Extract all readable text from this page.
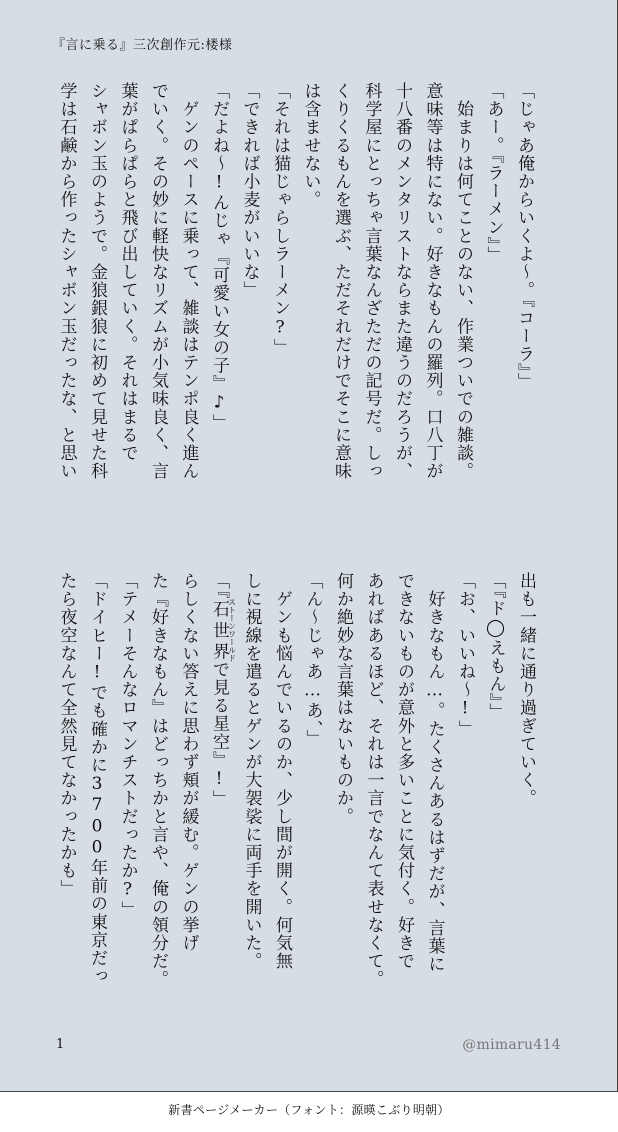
『言に乗る』三次創作元:楼様
「じゃあ俺からいくよ〜。『コーラ』」
「あー。『ラーメン』」
　始まりは何てことのない、作業ついでの雑談。
意味等は特にない。好きなもんの羅列。口八丁が
十八番のメンタリストならまた違うのだろうが、
科学屋にとっちゃ言葉なんざただの記号だ。しっ
くりくるもんを選ぶ、ただそれだけでそこに意味
は含ませない。
「それは猫じゃらしラーメン?」
「できれば小麦がいいな」
「だよね〜!んじゃ『可愛い女の子』♪」
　ゲンのペースに乗って、雑談はテンポ良く進ん
でいく。その妙に軽快なリズムが小気味良く、言
葉がぱらぱらと飛び出していく。それはまるで
シャボン玉のようで。金狼銀狼に初めて見せた科
学は石鹸から作ったシャボン玉だったな、と思い
出も一緒に通り過ぎていく。
「『ド◯えもん』」
「お、いいね〜!」
　好きなもん…。たくさんあるはずだが、言葉に
できないものが意外と多いことに気付く。好きで
あればあるほど、それは一言でなんて表せなくて。
何か絶妙な言葉はないものか。
「ん〜じゃあ…あ、」
　ゲンも悩んでいるのか、少し間が開く。何気無
しに視線を遣るとゲンが大袈裟に両手を開いた。
「『石世界ストーンワールドで見る星空』!」
らしくない答えに思わず頬が緩む。ゲンの挙げ
た『好きなもん』はどっちかと言や、俺の領分だ。
「テメーそんなロマンチストだったか?」
「ドイヒー!でも確かに3700年前の東京だっ
たら夜空なんて全然見てなかったかも」
1	@mimaru414
新書ページメーカー（フォント：源暎こぶり明朝）
